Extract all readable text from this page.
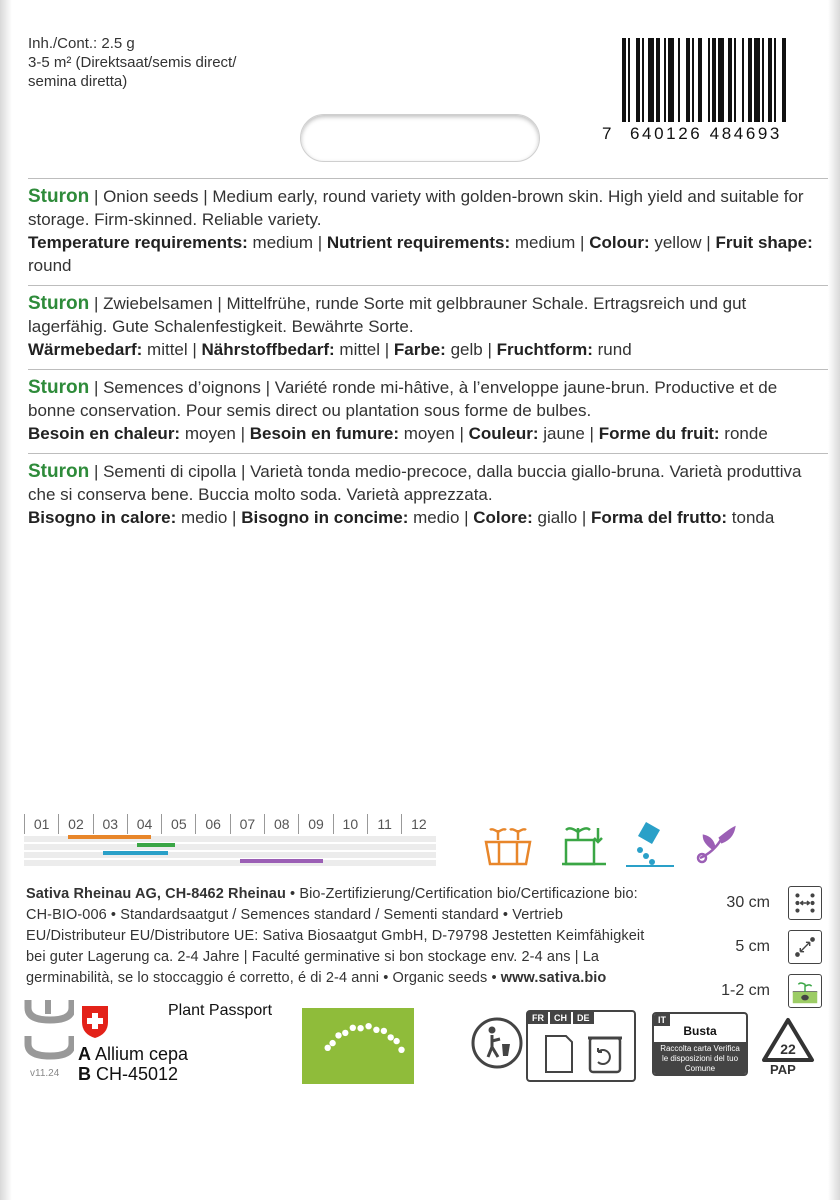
Inh./Cont.: 2.5 g
3-5 m² (Direktsaat/semis direct/
semina diretta)
7 640126 484693

Sturon | Onion seeds | Medium early, round variety with golden-brown skin. High yield and suitable for storage. Firm-skinned. Reliable variety.

Temperature requirements: medium | Nutrient requirements: medium | Colour: yellow | Fruit shape: round

Sturon | Zwiebelsamen | Mittelfrühe, runde Sorte mit gelbbrauner Schale. Ertragsreich und gut lagerfähig. Gute Schalenfestigkeit. Bewährte Sorte.

Wärmebedarf: mittel | Nährstoffbedarf: mittel | Farbe: gelb | Fruchtform: rund

Sturon | Semences d’oignons | Variété ronde mi-hâtive, à l’enveloppe jaune-brun. Productive et de bonne conservation. Pour semis direct ou plantation sous forme de bulbes.

Besoin en chaleur: moyen | Besoin en fumure: moyen | Couleur: jaune | Forme du fruit: ronde

Sturon | Sementi di cipolla | Varietà tonda medio-precoce, dalla buccia giallo-bruna. Varietà produttiva che si conserva bene. Buccia molto soda. Varietà apprezzata.

Bisogno in calore: medio | Bisogno in concime: medio | Colore: giallo | Forma del frutto: tonda

01	02	03	04	05	06	07	08	09	10	11	12
Sativa Rheinau AG, CH-8462 Rheinau • Bio-Zertifizierung/Certification bio/Certificazione bio: CH-BIO-006 • Standardsaatgut / Semences standard / Sementi standard • Vertrieb EU/Distributeur EU/Distributore UE: Sativa Biosaatgut GmbH, D-79798 Jestetten Keimfähigkeit bei guter Lagerung ca. 2-4 Jahre | Faculté germinative si bon stockage env. 2-4 ans | La germinabilità, se lo stoccaggio é corretto, é di 2-4 anni • Organic seeds • www.sativa.bio
30 cm
5 cm
1-2 cm
v11.24
Plant Passport
A Allium cepa
B CH-45012
FR	CH	DE	IT
Busta
Raccolta carta Verifica le disposizioni del tuo Comune
22
PAP
